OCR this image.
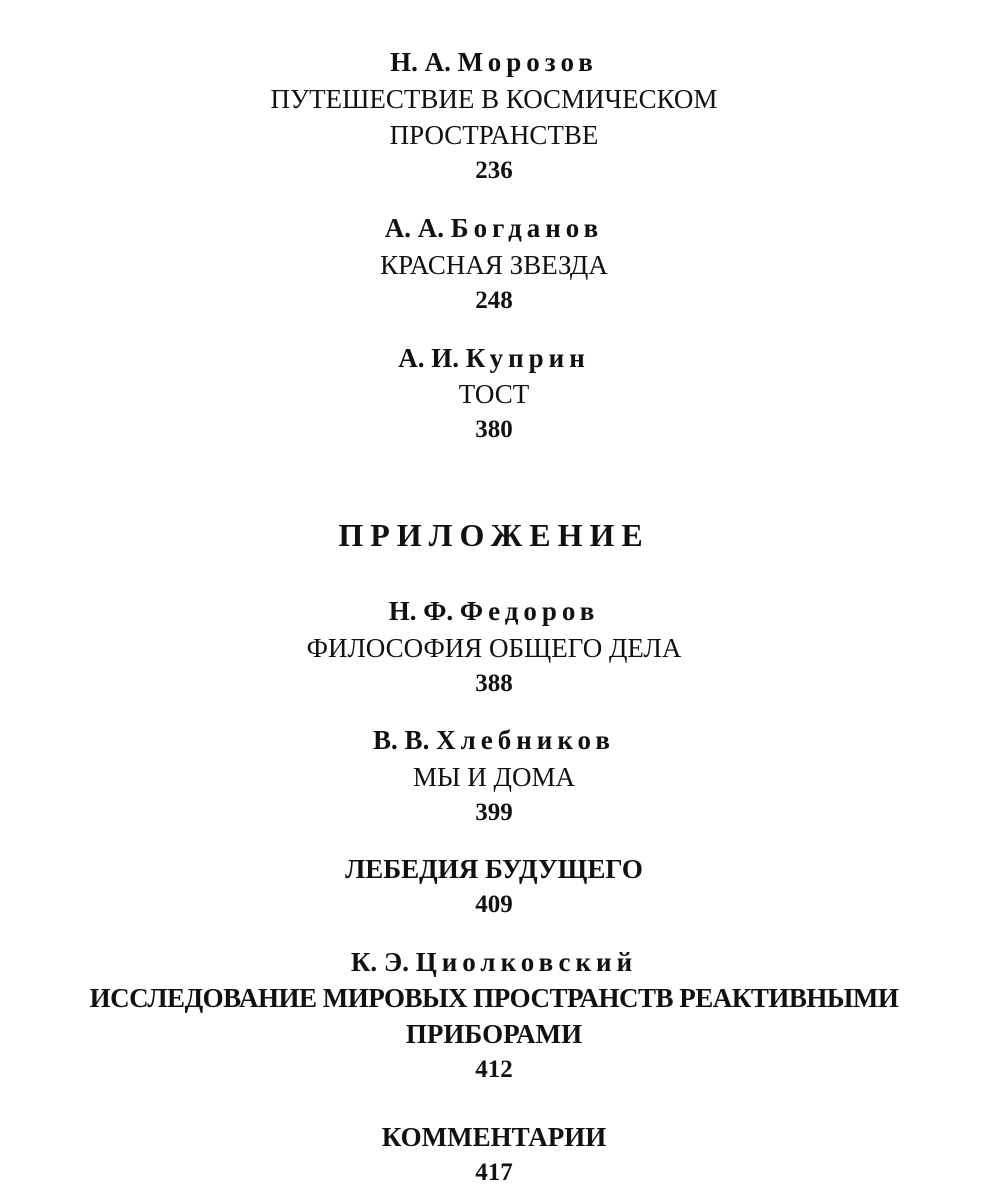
Н. А. Морозов
ПУТЕШЕСТВИЕ В КОСМИЧЕСКОМ
ПРОСТРАНСТВЕ
236
А. А. Богданов
КРАСНАЯ ЗВЕЗДА
248
А. И. Куприн
ТОСТ
380
ПРИЛОЖЕНИЕ
Н. Ф. Федоров
ФИЛОСОФИЯ ОБЩЕГО ДЕЛА
388
В. В. Хлебников
МЫ И ДОМА
399
ЛЕБЕДИЯ БУДУЩЕГО
409
К. Э. Циолковский
ИССЛЕДОВАНИЕ МИРОВЫХ ПРОСТРАНСТВ РЕАКТИВНЫМИ
ПРИБОРАМИ
412
КОММЕНТАРИИ
417
